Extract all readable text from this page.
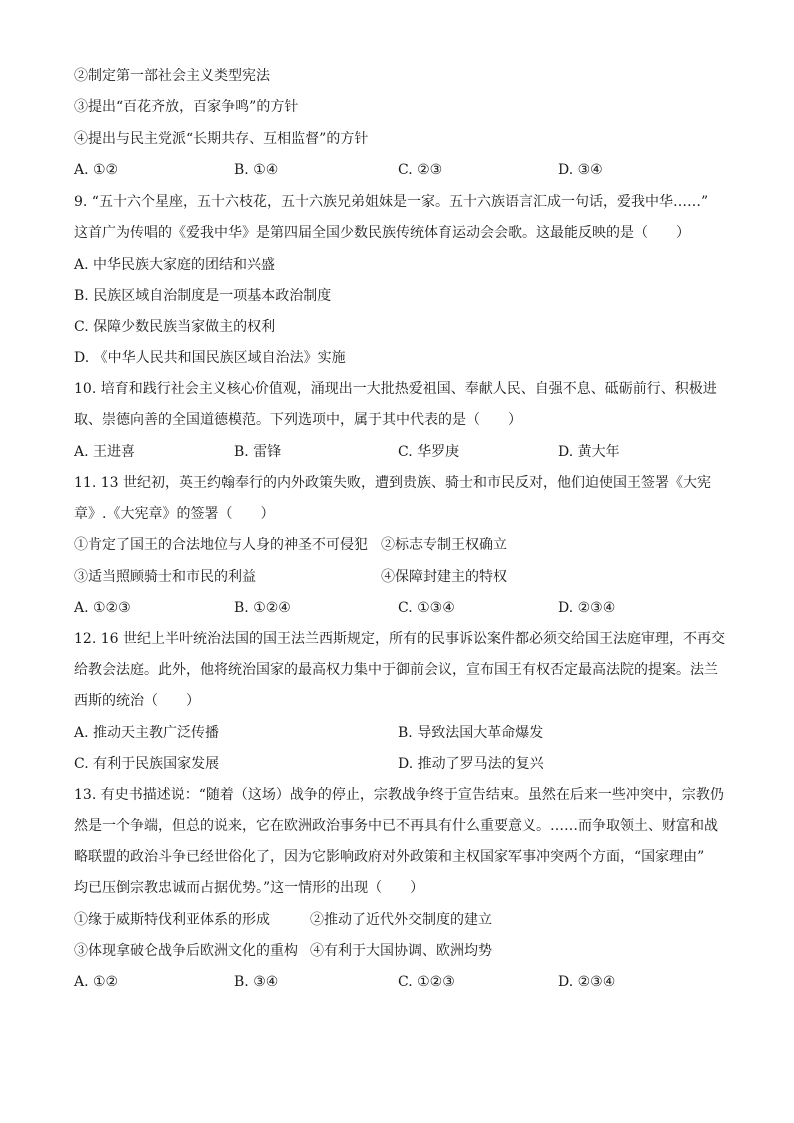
②制定第一部社会主义类型宪法
③提出“百花齐放，百家争鸣”的方针
④提出与民主党派“长期共存、互相监督”的方针
A. ①②	B. ①④	C. ②③	D. ③④
9. “五十六个星座，五十六枝花，五十六族兄弟姐妹是一家。五十六族语言汇成一句话，爱我中华……”
这首广为传唱的《爱我中华》是第四届全国少数民族传统体育运动会会歌。这最能反映的是（　　）
A. 中华民族大家庭的团结和兴盛
B. 民族区域自治制度是一项基本政治制度
C. 保障少数民族当家做主的权利
D. 《中华人民共和国民族区域自治法》实施
10. 培育和践行社会主义核心价值观，涌现出一大批热爱祖国、奉献人民、自强不息、砥砺前行、积极进
取、崇德向善的全国道德模范。下列选项中，属于其中代表的是（　　）
A. 王进喜	B. 雷锋	C. 华罗庚	D. 黄大年
11. 13 世纪初，英王约翰奉行的内外政策失败，遭到贵族、骑士和市民反对，他们迫使国王签署《大宪
章》.《大宪章》的签署（　　）
①肯定了国王的合法地位与人身的神圣不可侵犯 ②标志专制王权确立
③适当照顾骑士和市民的利益	④保障封建主的特权
A. ①②③	B. ①②④	C. ①③④	D. ②③④
12. 16 世纪上半叶统治法国的国王法兰西斯规定，所有的民事诉讼案件都必须交给国王法庭审理，不再交
给教会法庭。此外，他将统治国家的最高权力集中于御前会议，宣布国王有权否定最高法院的提案。法兰
西斯的统治（　　）
A. 推动天主教广泛传播	B. 导致法国大革命爆发
C. 有利于民族国家发展	D. 推动了罗马法的复兴
13. 有史书描述说：“随着（这场）战争的停止，宗教战争终于宣告结束。虽然在后来一些冲突中，宗教仍
然是一个争端，但总的说来，它在欧洲政治事务中已不再具有什么重要意义。……而争取领土、财富和战
略联盟的政治斗争已经世俗化了，因为它影响政府对外政策和主权国家军事冲突两个方面，“国家理由”
均已压倒宗教忠诚而占据优势。”这一情形的出现（　　）
①缘于威斯特伐利亚体系的形成	②推动了近代外交制度的建立
③体现拿破仑战争后欧洲文化的重构 ④有利于大国协调、欧洲均势
A. ①②	B. ③④	C. ①②③	D. ②③④
